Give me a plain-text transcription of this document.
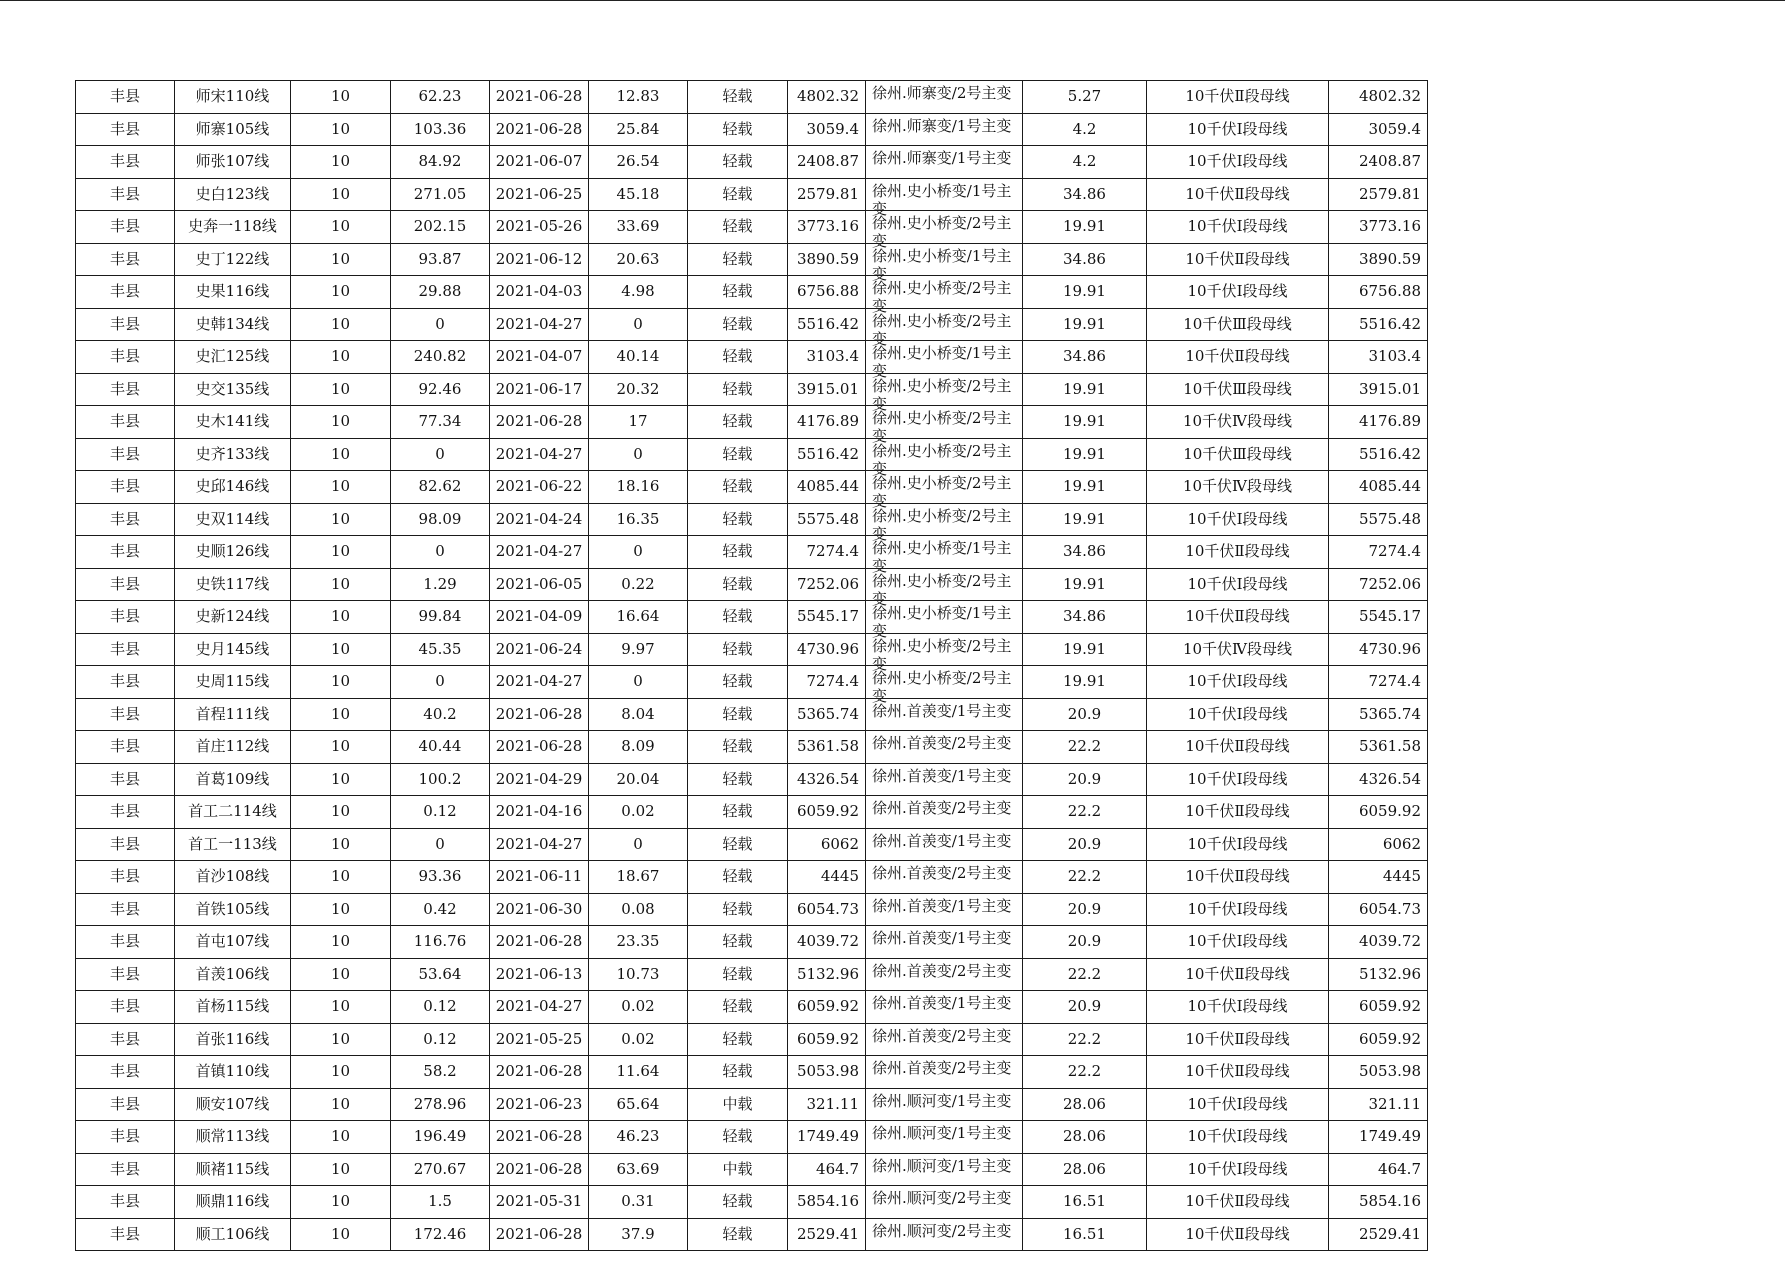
丰县	师宋110线	10	62.23	2021-06-28	12.83	轻载	4802.32	徐州.师寨变/2号主变	5.27	10千伏Ⅱ段母线	4802.32
丰县	师寨105线	10	103.36	2021-06-28	25.84	轻载	3059.4	徐州.师寨变/1号主变	4.2	10千伏Ⅰ段母线	3059.4
丰县	师张107线	10	84.92	2021-06-07	26.54	轻载	2408.87	徐州.师寨变/1号主变	4.2	10千伏Ⅰ段母线	2408.87
丰县	史白123线	10	271.05	2021-06-25	45.18	轻载	2579.81	徐州.史小桥变/1号主变	34.86	10千伏Ⅱ段母线	2579.81
丰县	史奔一118线	10	202.15	2021-05-26	33.69	轻载	3773.16	徐州.史小桥变/2号主变	19.91	10千伏Ⅰ段母线	3773.16
丰县	史丁122线	10	93.87	2021-06-12	20.63	轻载	3890.59	徐州.史小桥变/1号主变	34.86	10千伏Ⅱ段母线	3890.59
丰县	史果116线	10	29.88	2021-04-03	4.98	轻载	6756.88	徐州.史小桥变/2号主变	19.91	10千伏Ⅰ段母线	6756.88
丰县	史韩134线	10	0	2021-04-27	0	轻载	5516.42	徐州.史小桥变/2号主变	19.91	10千伏Ⅲ段母线	5516.42
丰县	史汇125线	10	240.82	2021-04-07	40.14	轻载	3103.4	徐州.史小桥变/1号主变	34.86	10千伏Ⅱ段母线	3103.4
丰县	史交135线	10	92.46	2021-06-17	20.32	轻载	3915.01	徐州.史小桥变/2号主变	19.91	10千伏Ⅲ段母线	3915.01
丰县	史木141线	10	77.34	2021-06-28	17	轻载	4176.89	徐州.史小桥变/2号主变	19.91	10千伏Ⅳ段母线	4176.89
丰县	史齐133线	10	0	2021-04-27	0	轻载	5516.42	徐州.史小桥变/2号主变	19.91	10千伏Ⅲ段母线	5516.42
丰县	史邱146线	10	82.62	2021-06-22	18.16	轻载	4085.44	徐州.史小桥变/2号主变	19.91	10千伏Ⅳ段母线	4085.44
丰县	史双114线	10	98.09	2021-04-24	16.35	轻载	5575.48	徐州.史小桥变/2号主变	19.91	10千伏Ⅰ段母线	5575.48
丰县	史顺126线	10	0	2021-04-27	0	轻载	7274.4	徐州.史小桥变/1号主变	34.86	10千伏Ⅱ段母线	7274.4
丰县	史铁117线	10	1.29	2021-06-05	0.22	轻载	7252.06	徐州.史小桥变/2号主变	19.91	10千伏Ⅰ段母线	7252.06
丰县	史新124线	10	99.84	2021-04-09	16.64	轻载	5545.17	徐州.史小桥变/1号主变	34.86	10千伏Ⅱ段母线	5545.17
丰县	史月145线	10	45.35	2021-06-24	9.97	轻载	4730.96	徐州.史小桥变/2号主变	19.91	10千伏Ⅳ段母线	4730.96
丰县	史周115线	10	0	2021-04-27	0	轻载	7274.4	徐州.史小桥变/2号主变	19.91	10千伏Ⅰ段母线	7274.4
丰县	首程111线	10	40.2	2021-06-28	8.04	轻载	5365.74	徐州.首羡变/1号主变	20.9	10千伏Ⅰ段母线	5365.74
丰县	首庄112线	10	40.44	2021-06-28	8.09	轻载	5361.58	徐州.首羡变/2号主变	22.2	10千伏Ⅱ段母线	5361.58
丰县	首葛109线	10	100.2	2021-04-29	20.04	轻载	4326.54	徐州.首羡变/1号主变	20.9	10千伏Ⅰ段母线	4326.54
丰县	首工二114线	10	0.12	2021-04-16	0.02	轻载	6059.92	徐州.首羡变/2号主变	22.2	10千伏Ⅱ段母线	6059.92
丰县	首工一113线	10	0	2021-04-27	0	轻载	6062	徐州.首羡变/1号主变	20.9	10千伏Ⅰ段母线	6062
丰县	首沙108线	10	93.36	2021-06-11	18.67	轻载	4445	徐州.首羡变/2号主变	22.2	10千伏Ⅱ段母线	4445
丰县	首铁105线	10	0.42	2021-06-30	0.08	轻载	6054.73	徐州.首羡变/1号主变	20.9	10千伏Ⅰ段母线	6054.73
丰县	首屯107线	10	116.76	2021-06-28	23.35	轻载	4039.72	徐州.首羡变/1号主变	20.9	10千伏Ⅰ段母线	4039.72
丰县	首羡106线	10	53.64	2021-06-13	10.73	轻载	5132.96	徐州.首羡变/2号主变	22.2	10千伏Ⅱ段母线	5132.96
丰县	首杨115线	10	0.12	2021-04-27	0.02	轻载	6059.92	徐州.首羡变/1号主变	20.9	10千伏Ⅰ段母线	6059.92
丰县	首张116线	10	0.12	2021-05-25	0.02	轻载	6059.92	徐州.首羡变/2号主变	22.2	10千伏Ⅱ段母线	6059.92
丰县	首镇110线	10	58.2	2021-06-28	11.64	轻载	5053.98	徐州.首羡变/2号主变	22.2	10千伏Ⅱ段母线	5053.98
丰县	顺安107线	10	278.96	2021-06-23	65.64	中载	321.11	徐州.顺河变/1号主变	28.06	10千伏Ⅰ段母线	321.11
丰县	顺常113线	10	196.49	2021-06-28	46.23	轻载	1749.49	徐州.顺河变/1号主变	28.06	10千伏Ⅰ段母线	1749.49
丰县	顺褚115线	10	270.67	2021-06-28	63.69	中载	464.7	徐州.顺河变/1号主变	28.06	10千伏Ⅰ段母线	464.7
丰县	顺鼎116线	10	1.5	2021-05-31	0.31	轻载	5854.16	徐州.顺河变/2号主变	16.51	10千伏Ⅱ段母线	5854.16
丰县	顺工106线	10	172.46	2021-06-28	37.9	轻载	2529.41	徐州.顺河变/2号主变	16.51	10千伏Ⅱ段母线	2529.41
